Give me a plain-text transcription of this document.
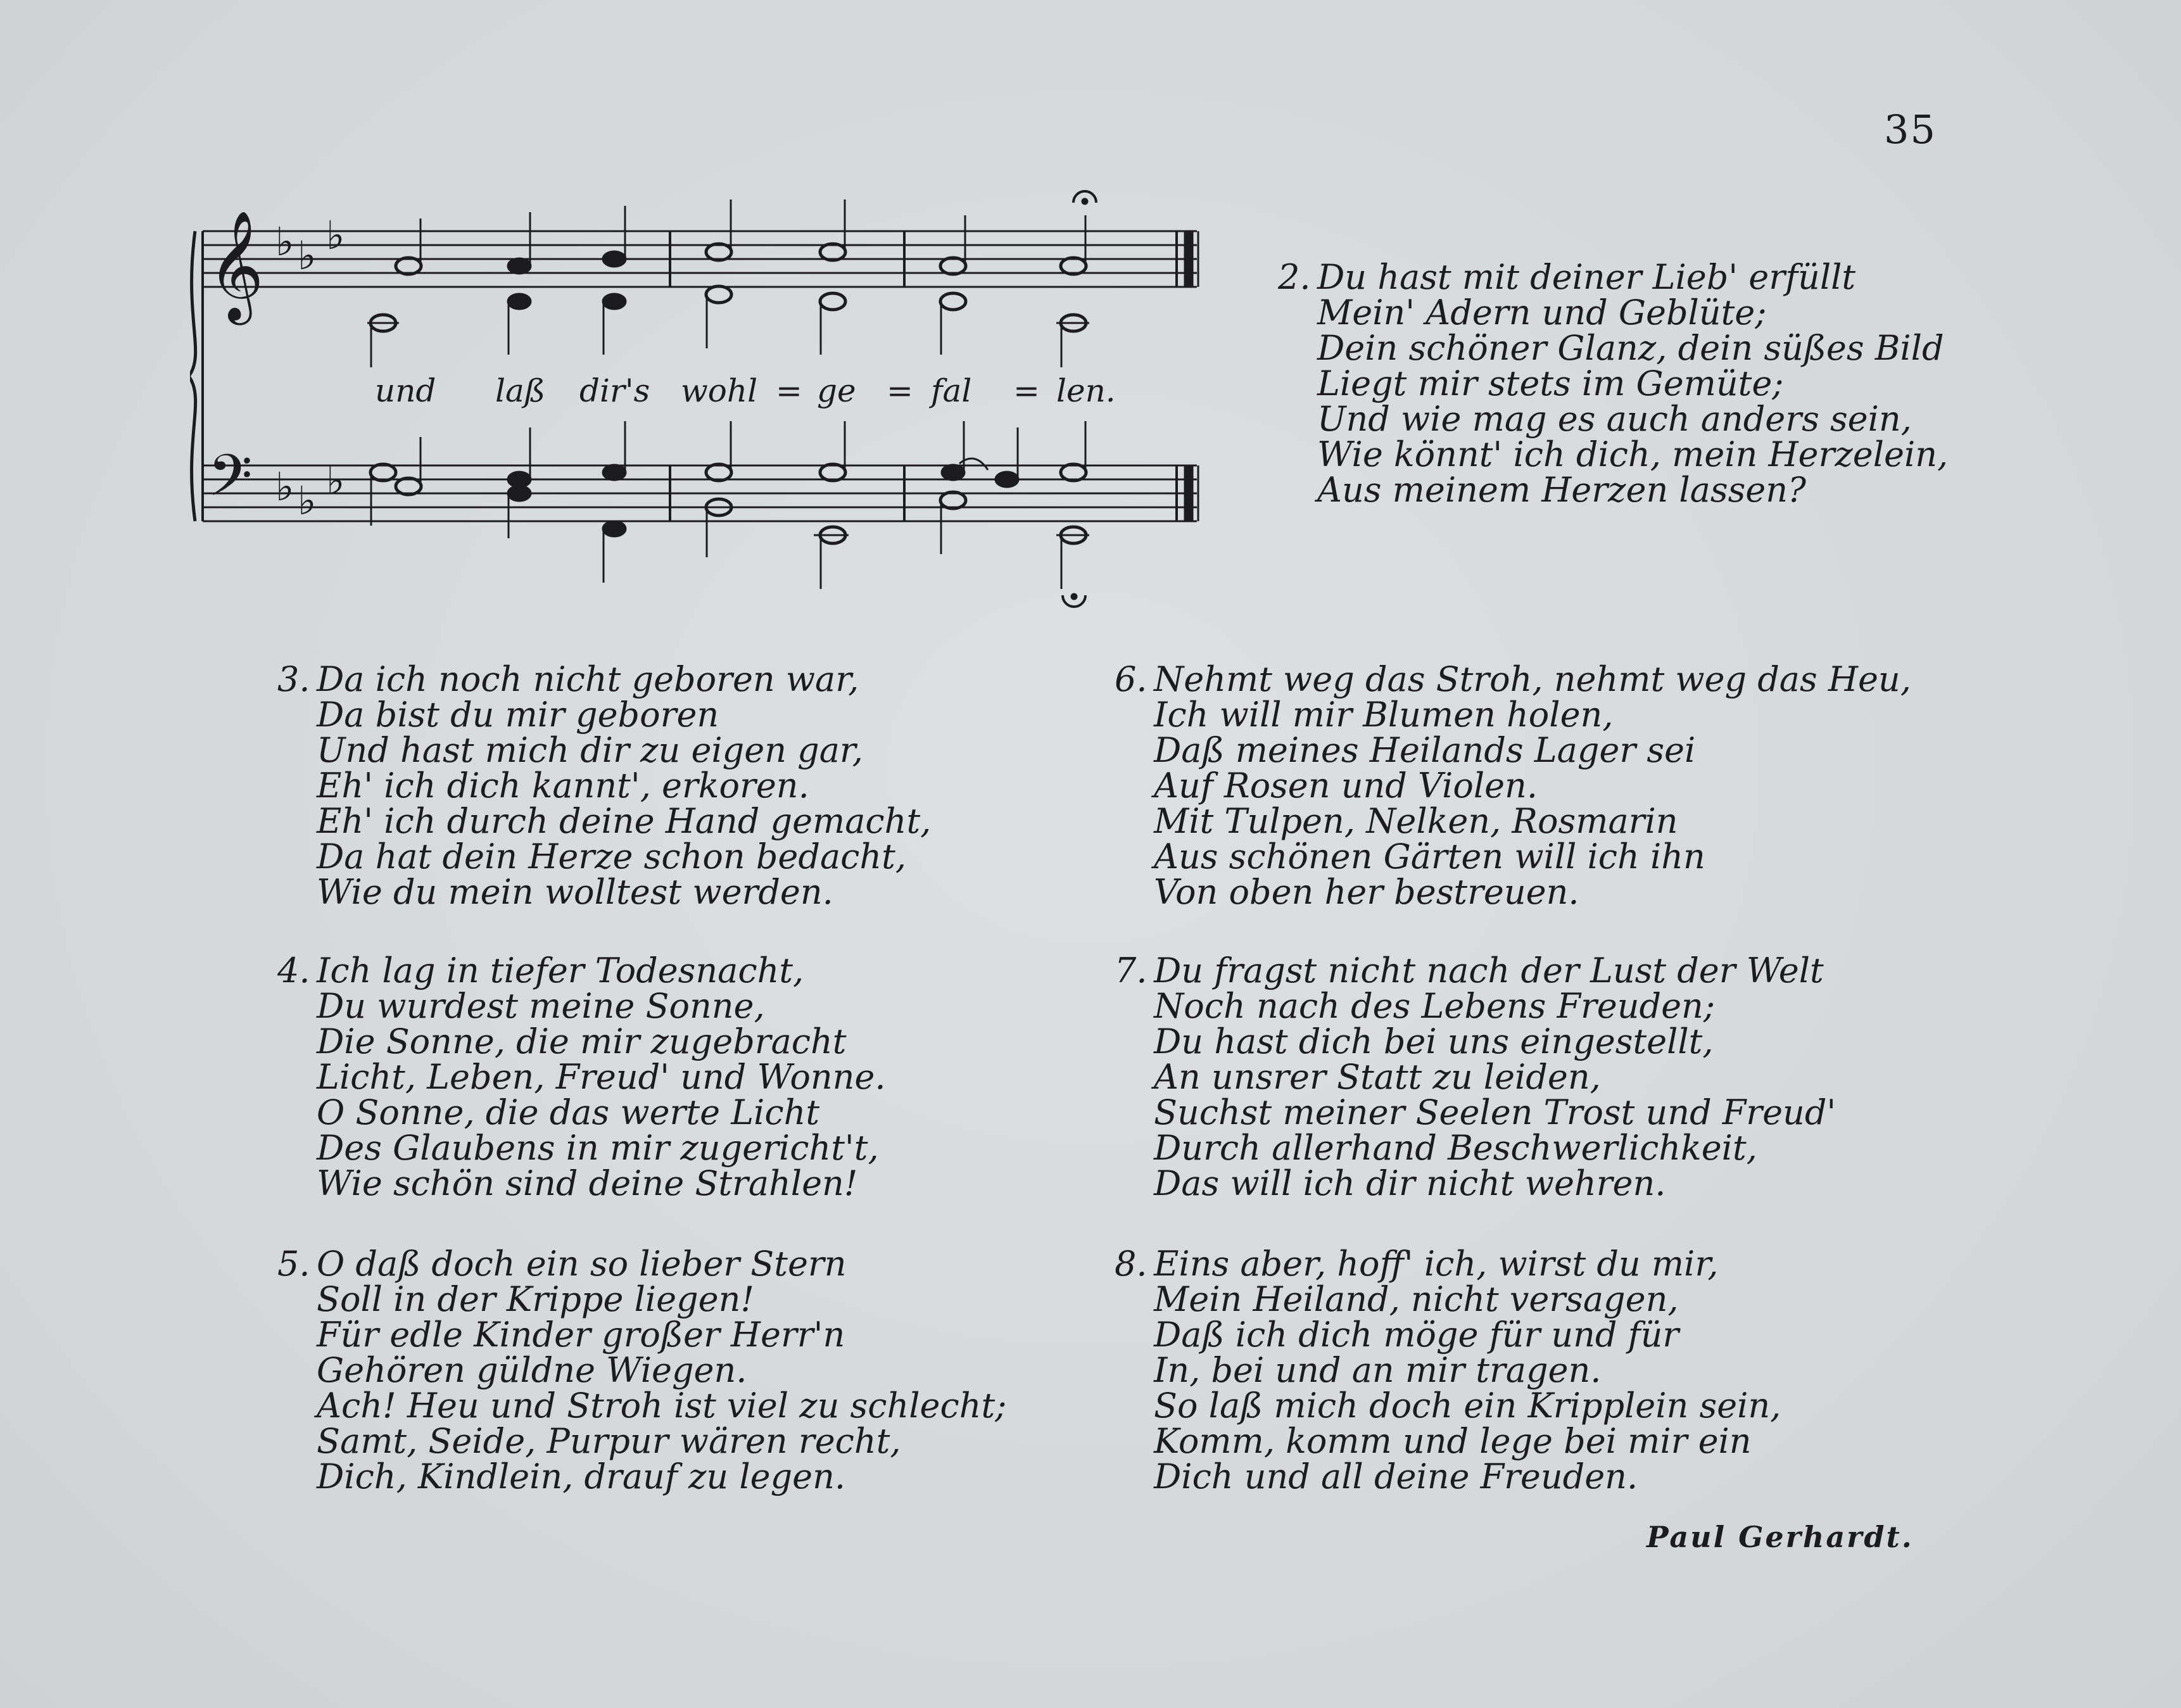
35
𝄞
𝄢
♭ ♭ ♭
♭ ♭ ♭
und laß dir's wohl = ge = fal = len.
2. Du hast mit deiner Lieb' erfüllt
Mein' Adern und Geblüte;
Dein schöner Glanz, dein süßes Bild
Liegt mir stets im Gemüte;
Und wie mag es auch anders sein,
Wie könnt' ich dich, mein Herzelein,
Aus meinem Herzen lassen?
3. Da ich noch nicht geboren war,
Da bist du mir geboren
Und hast mich dir zu eigen gar,
Eh' ich dich kannt', erkoren.
Eh' ich durch deine Hand gemacht,
Da hat dein Herze schon bedacht,
Wie du mein wolltest werden.
4. Ich lag in tiefer Todesnacht,
Du wurdest meine Sonne,
Die Sonne, die mir zugebracht
Licht, Leben, Freud' und Wonne.
O Sonne, die das werte Licht
Des Glaubens in mir zugericht't,
Wie schön sind deine Strahlen!
5. O daß doch ein so lieber Stern
Soll in der Krippe liegen!
Für edle Kinder großer Herr'n
Gehören güldne Wiegen.
Ach! Heu und Stroh ist viel zu schlecht;
Samt, Seide, Purpur wären recht,
Dich, Kindlein, drauf zu legen.
6. Nehmt weg das Stroh, nehmt weg das Heu,
Ich will mir Blumen holen,
Daß meines Heilands Lager sei
Auf Rosen und Violen.
Mit Tulpen, Nelken, Rosmarin
Aus schönen Gärten will ich ihn
Von oben her bestreuen.
7. Du fragst nicht nach der Lust der Welt
Noch nach des Lebens Freuden;
Du hast dich bei uns eingestellt,
An unsrer Statt zu leiden,
Suchst meiner Seelen Trost und Freud'
Durch allerhand Beschwerlichkeit,
Das will ich dir nicht wehren.
8. Eins aber, hoff' ich, wirst du mir,
Mein Heiland, nicht versagen,
Daß ich dich möge für und für
In, bei und an mir tragen.
So laß mich doch ein Kripplein sein,
Komm, komm und lege bei mir ein
Dich und all deine Freuden.
Paul Gerhardt.
